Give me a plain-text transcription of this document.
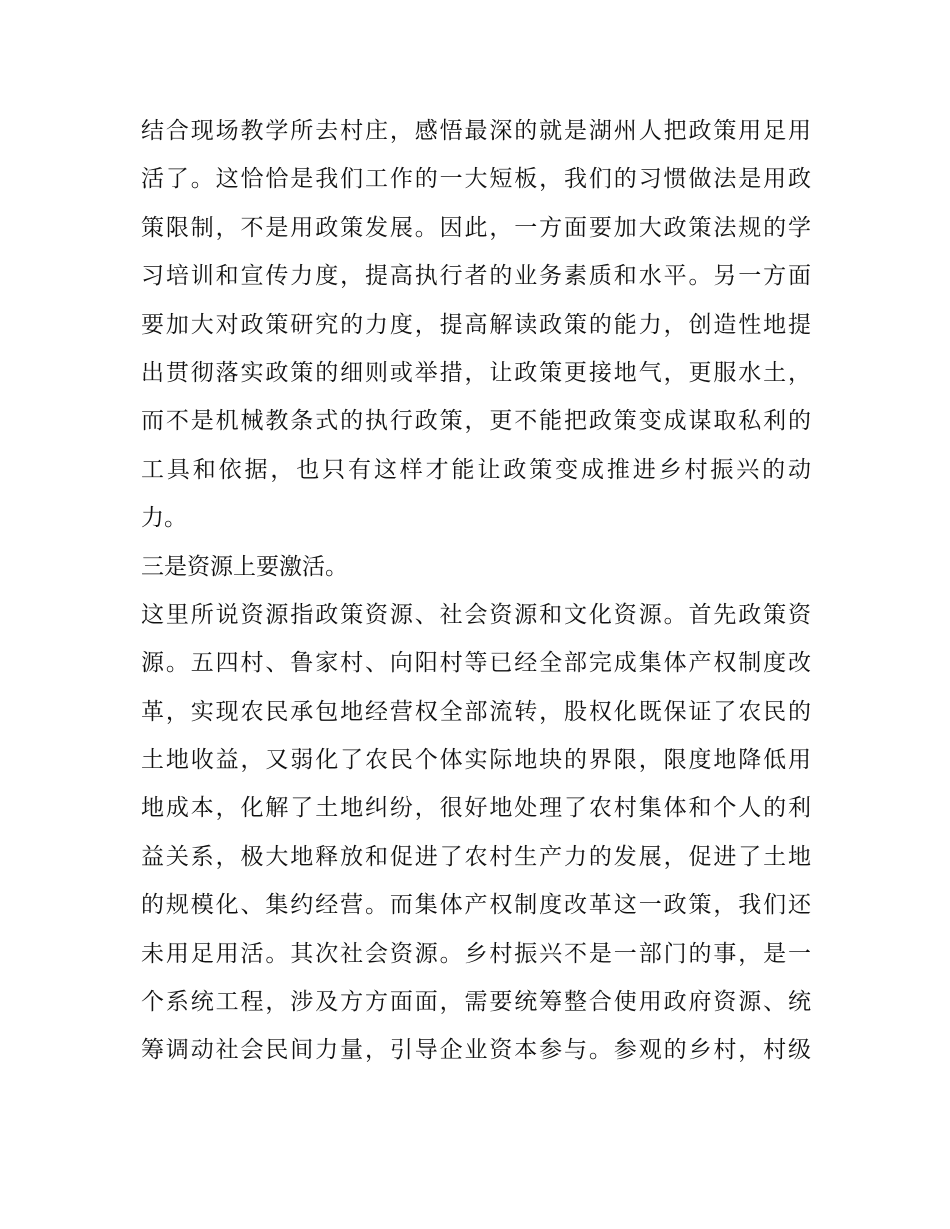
结合现场教学所去村庄，感悟最深的就是湖州人把政策用足用
活了。这恰恰是我们工作的一大短板，我们的习惯做法是用政
策限制，不是用政策发展。因此，一方面要加大政策法规的学
习培训和宣传力度，提高执行者的业务素质和水平。另一方面
要加大对政策研究的力度，提高解读政策的能力，创造性地提
出贯彻落实政策的细则或举措，让政策更接地气，更服水土，
而不是机械教条式的执行政策，更不能把政策变成谋取私利的
工具和依据，也只有这样才能让政策变成推进乡村振兴的动
力。
三是资源上要激活。
这里所说资源指政策资源、社会资源和文化资源。首先政策资
源。五四村、鲁家村、向阳村等已经全部完成集体产权制度改
革，实现农民承包地经营权全部流转，股权化既保证了农民的
土地收益，又弱化了农民个体实际地块的界限，限度地降低用
地成本，化解了土地纠纷，很好地处理了农村集体和个人的利
益关系，极大地释放和促进了农村生产力的发展，促进了土地
的规模化、集约经营。而集体产权制度改革这一政策，我们还
未用足用活。其次社会资源。乡村振兴不是一部门的事，是一
个系统工程，涉及方方面面，需要统筹整合使用政府资源、统
筹调动社会民间力量，引导企业资本参与。参观的乡村，村级
